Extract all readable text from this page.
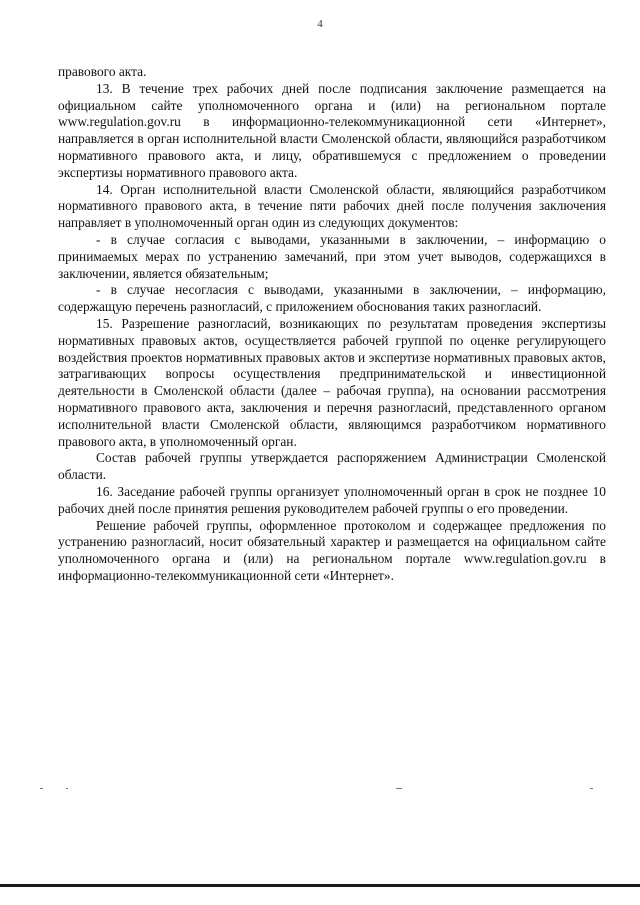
4

правового акта.

13. В течение трех рабочих дней после подписания заключение размещается на официальном сайте уполномоченного органа и (или) на региональном портале www.regulation.gov.ru в информационно-телекоммуникационной сети «Интернет», направляется в орган исполнительной власти Смоленской области, являющийся разработчиком нормативного правового акта, и лицу, обратившемуся с предложением о проведении экспертизы нормативного правового акта.

14. Орган исполнительной власти Смоленской области, являющийся разработчиком нормативного правового акта, в течение пяти рабочих дней после получения заключения направляет в уполномоченный орган один из следующих документов:

- в случае согласия с выводами, указанными в заключении, – информацию о принимаемых мерах по устранению замечаний, при этом учет выводов, содержащихся в заключении, является обязательным;

- в случае несогласия с выводами, указанными в заключении, – информацию, содержащую перечень разногласий, с приложением обоснования таких разногласий.

15. Разрешение разногласий, возникающих по результатам проведения экспертизы нормативных правовых актов, осуществляется рабочей группой по оценке регулирующего воздействия проектов нормативных правовых актов и экспертизе нормативных правовых актов, затрагивающих вопросы осуществления предпринимательской и инвестиционной деятельности в Смоленской области (далее – рабочая группа), на основании рассмотрения нормативного правового акта, заключения и перечня разногласий, представленного органом исполнительной власти Смоленской области, являющимся разработчиком нормативного правового акта, в уполномоченный орган.

Состав рабочей группы утверждается распоряжением Администрации Смоленской области.

16. Заседание рабочей группы организует уполномоченный орган в срок не позднее 10 рабочих дней после принятия решения руководителем рабочей группы о его проведении.

Решение рабочей группы, оформленное протоколом и содержащее предложения по устранению разногласий, носит обязательный характер и размещается на официальном сайте уполномоченного органа и (или) на региональном портале www.regulation.gov.ru в информационно-телекоммуникационной сети «Интернет».
